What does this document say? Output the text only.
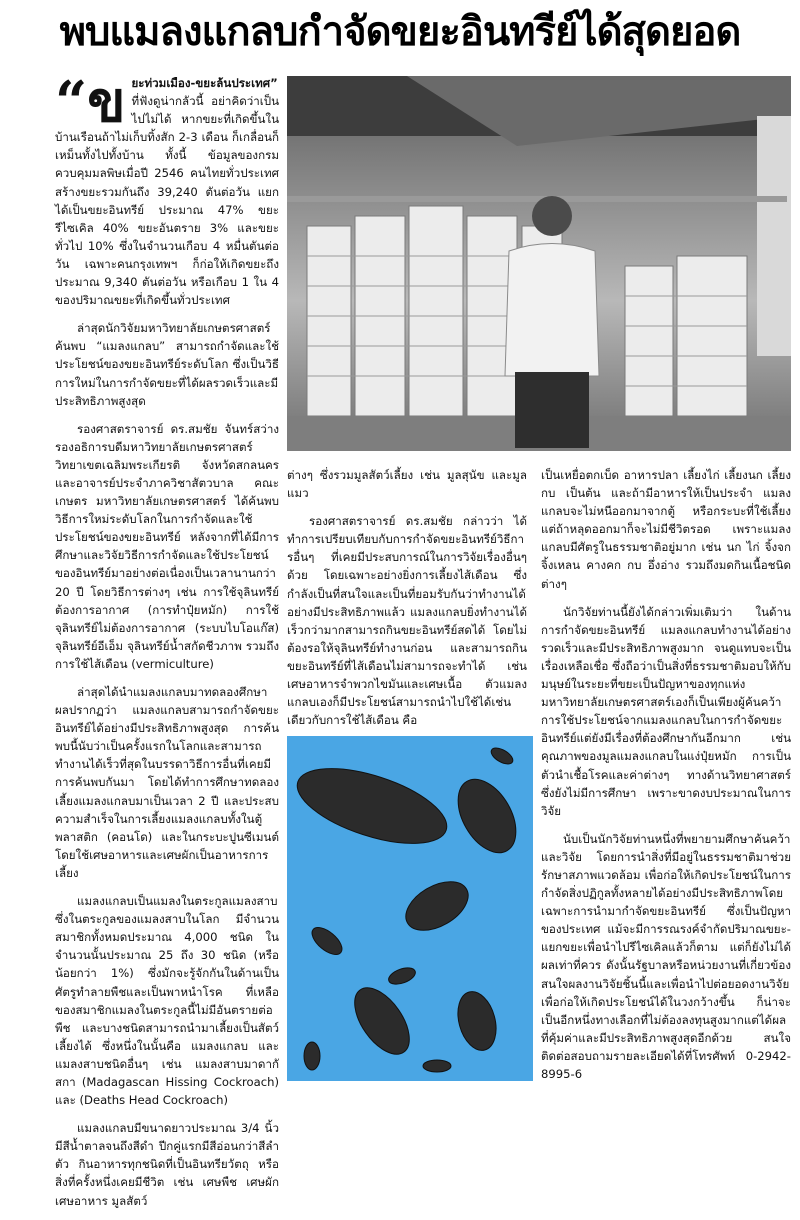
พบแมลงแกลบกำจัดขยะอินทรีย์ได้สุดยอด

“ข ยะท่วมเมือง-ขยะล้นประเทศ” ที่ฟังดูน่ากลัวนี้ อย่าคิดว่าเป็นไปไม่ได้ หากขยะที่เกิดขึ้นในบ้านเรือนถ้าไม่เก็บทิ้งสัก 2-3 เดือน ก็เกลื่อนก็เหม็นทั้งไปทั้งบ้าน ทั้งนี้ ข้อมูลของกรมควบคุมมลพิษเมื่อปี 2546 คนไทยทั่วประเทศสร้างขยะรวมกันถึง 39,240 ตันต่อวัน แยกได้เป็นขยะอินทรีย์ ประมาณ 47% ขยะรีไซเคิล 40% ขยะอันตราย 3% และขยะทั่วไป 10% ซึ่งในจำนวนเกือบ 4 หมื่นตันต่อวัน เฉพาะคนกรุงเทพฯ ก็ก่อให้เกิดขยะถึงประมาณ 9,340 ตันต่อวัน หรือเกือบ 1 ใน 4 ของปริมาณขยะที่เกิดขึ้นทั่วประเทศ

ล่าสุดนักวิจัยมหาวิทยาลัยเกษตรศาสตร์ ค้นพบ “แมลงแกลบ” สามารถกำจัดและใช้ประโยชน์ของขยะอินทรีย์ระดับโลก ซึ่งเป็นวิธีการใหม่ในการกำจัดขยะที่ได้ผลรวดเร็วและมีประสิทธิภาพสูงสุด

รองศาสตราจารย์ ดร.สมชัย จันทร์สว่าง รองอธิการบดีมหาวิทยาลัยเกษตรศาสตร์ วิทยาเขตเฉลิมพระเกียรติ จังหวัดสกลนคร และอาจารย์ประจำภาควิชาสัตวบาล คณะเกษตร มหาวิทยาลัยเกษตรศาสตร์ ได้ค้นพบวิธีการใหม่ระดับโลกในการกำจัดและใช้ประโยชน์ของขยะอินทรีย์ หลังจากที่ได้มีการศึกษาและวิจัยวิธีการกำจัดและใช้ประโยชน์ของอินทรีย์มาอย่างต่อเนื่องเป็นเวลานานกว่า 20 ปี โดยวิธีการต่างๆ เช่น การใช้จุลินทรีย์ต้องการอากาศ (การทำปุ๋ยหมัก) การใช้จุลินทรีย์ไม่ต้องการอากาศ (ระบบไบโอแก๊ส) จุลินทรีย์อีเอ็ม จุลินทรีย์น้ำสกัดชีวภาพ รวมถึงการใช้ไส้เดือน (vermiculture)

ล่าสุดได้นำแมลงแกลบมาทดลองศึกษา ผลปรากฏว่า แมลงแกลบสามารถกำจัดขยะอินทรีย์ได้อย่างมีประสิทธิภาพสูงสุด การค้นพบนี้นับว่าเป็นครั้งแรกในโลกและสามารถทำงานได้เร็วที่สุดในบรรดาวิธีการอื่นที่เคยมีการค้นพบกันมา โดยได้ทำการศึกษาทดลองเลี้ยงแมลงแกลบมาเป็นเวลา 2 ปี และประสบความสำเร็จในการเลี้ยงแมลงแกลบทั้งในตู้พลาสติก (คอนโด) และในกระบะปูนซีเมนต์ โดยใช้เศษอาหารและเศษผักเป็นอาหารการเลี้ยง

แมลงแกลบเป็นแมลงในตระกูลแมลงสาบ ซึ่งในตระกูลของแมลงสาบในโลก มีจำนวนสมาชิกทั้งหมดประมาณ 4,000 ชนิด ในจำนวนนั้นประมาณ 25 ถึง 30 ชนิด (หรือน้อยกว่า 1%) ซึ่งมักจะรู้จักกันในด้านเป็นศัตรูทำลายพืชและเป็นพาหนำโรค ที่เหลือของสมาชิกแมลงในตระกูลนี้ไม่มีอันตรายต่อพืช และบางชนิดสามารถนำมาเลี้ยงเป็นสัตว์เลี้ยงได้ ซึ่งหนึ่งในนั้นคือ แมลงแกลบ และแมลงสาบชนิดอื่นๆ เช่น แมลงสาบมาดากัสกา (Madagascan Hissing Cockroach) และ (Deaths Head Cockroach)

แมลงแกลบมีขนาดยาวประมาณ 3/4 นิ้ว มีสีน้ำตาลจนถึงสีดำ ปีกคู่แรกมีสีอ่อนกว่าสีลำตัว กินอาหารทุกชนิดที่เป็นอินทรียวัตถุ หรือสิ่งที่ครั้งหนึ่งเคยมีชีวิต เช่น เศษพืช เศษผัก เศษอาหาร มูลสัตว์

ต่างๆ ซึ่งรวมมูลสัตว์เลี้ยง เช่น มูลสุนัข และมูลแมว

รองศาสตราจารย์ ดร.สมชัย กล่าวว่า ได้ทำการเปรียบเทียบกับการกำจัดขยะอินทรีย์วิธีการอื่นๆ ที่เคยมีประสบการณ์ในการวิจัยเรื่องอื่นๆ ด้วย โดยเฉพาะอย่างยิ่งการเลี้ยงไส้เดือน ซึ่งกำลังเป็นที่สนใจและเป็นที่ยอมรับกันว่าทำงานได้อย่างมีประสิทธิภาพแล้ว แมลงแกลบยิ่งทำงานได้เร็วกว่ามากสามารถกินขยะอินทรีย์สดได้ โดยไม่ต้องรอให้จุลินทรีย์ทำงานก่อน และสามารถกินขยะอินทรีย์ที่ไส้เดือนไม่สามารถจะทำได้ เช่น เศษอาหารจำพวกไขมันและเศษเนื้อ ตัวแมลงแกลบเองก็มีประโยชน์สามารถนำไปใช้ได้เช่นเดียวกับการใช้ไส้เดือน คือ

เป็นเหยื่อตกเบ็ด อาหารปลา เลี้ยงไก่ เลี้ยงนก เลี้ยงกบ เป็นต้น และถ้ามีอาหารให้เป็นประจำ แมลงแกลบจะไม่หนีออกมาจากตู้ หรือกระบะที่ใช้เลี้ยงแต่ถ้าหลุดออกมาก็จะไม่มีชีวิตรอด เพราะแมลงแกลบมีศัตรูในธรรมชาติอยู่มาก เช่น นก ไก่ จิ้งจกจิ้งเหลน คางคก กบ อึ่งอ่าง รวมถึงมดกินเนื้อชนิดต่างๆ

นักวิจัยท่านนี้ยังได้กล่าวเพิ่มเติมว่า ในด้านการกำจัดขยะอินทรีย์ แมลงแกลบทำงานได้อย่างรวดเร็วและมีประสิทธิภาพสูงมาก จนดูแทบจะเป็นเรื่องเหลือเชื่อ ซึ่งถือว่าเป็นสิ่งที่ธรรมชาติมอบให้กับมนุษย์ในระยะที่ขยะเป็นปัญหาของทุกแห่ง มหาวิทยาลัยเกษตรศาสตร์เองก็เป็นเพียงผู้ค้นคว้าการใช้ประโยชน์จากแมลงแกลบในการกำจัดขยะอินทรีย์แต่ยังมีเรื่องที่ต้องศึกษากันอีกมาก เช่น คุณภาพของมูลแมลงแกลบในแง่ปุ๋ยหมัก การเป็นตัวนำเชื้อโรคและค่าต่างๆ ทางด้านวิทยาศาสตร์ ซึ่งยังไม่มีการศึกษา เพราะขาดงบประมาณในการวิจัย

นับเป็นนักวิจัยท่านหนึ่งที่พยายามศึกษาค้นคว้าและวิจัย โดยการนำสิ่งที่มีอยู่ในธรรมชาติมาช่วยรักษาสภาพแวดล้อม เพื่อก่อให้เกิดประโยชน์ในการกำจัดสิ่งปฏิกูลทั้งหลายได้อย่างมีประสิทธิภาพโดยเฉพาะการนำมากำจัดขยะอินทรีย์ ซึ่งเป็นปัญหาของประเทศ แม้จะมีการรณรงค์จำกัดปริมาณขยะ-แยกขยะเพื่อนำไปรีไซเคิลแล้วก็ตาม แต่ก็ยังไม่ได้ผลเท่าที่ควร ดังนั้นรัฐบาลหรือหน่วยงานที่เกี่ยวข้องสนใจผลงานวิจัยชิ้นนี้และเพื่อนำไปต่อยอดงานวิจัยเพื่อก่อให้เกิดประโยชน์ได้ในวงกว้างขึ้น ก็น่าจะเป็นอีกหนึ่งทางเลือกที่ไม่ต้องลงทุนสูงมากแต่ได้ผลที่คุ้มค่าและมีประสิทธิภาพสูงสุดอีกด้วย สนใจติดต่อสอบถามรายละเอียดได้ที่โทรศัพท์ 0-2942-8995-6
